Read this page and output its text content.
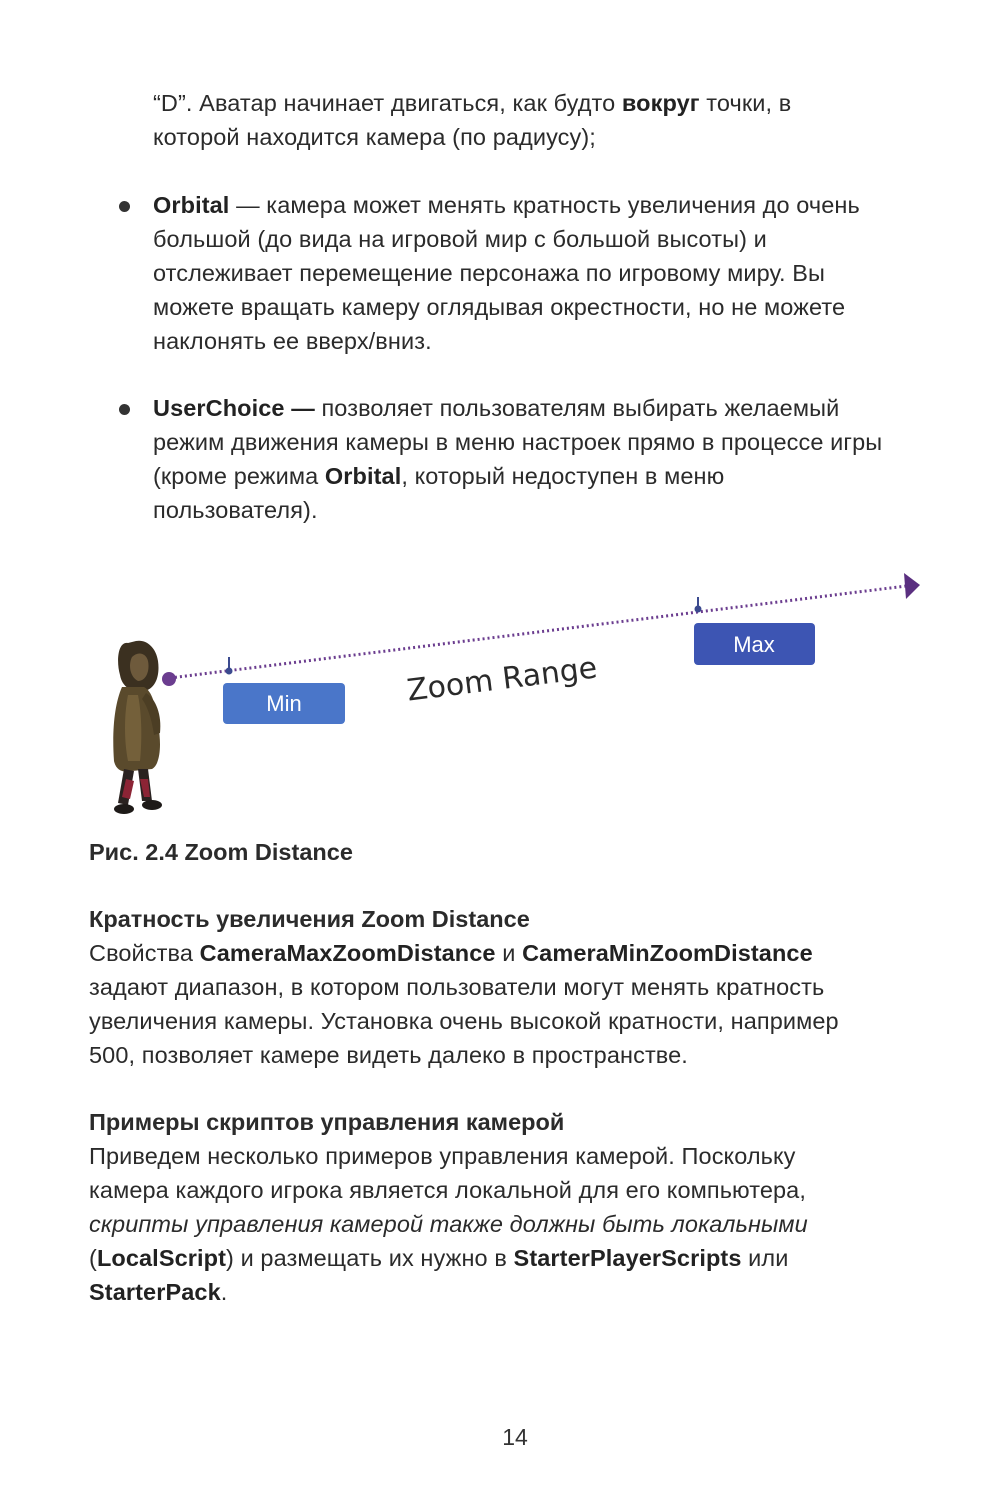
“D”. Аватар начинает двигаться, как будто вокруг точки, в
которой находится камера (по радиусу);
Orbital — камера может менять кратность увеличения до очень
большой (до вида на игровой мир с большой высоты) и
отслеживает перемещение персонажа по игровому миру. Вы
можете вращать камеру оглядывая окрестности, но не можете
наклонять ее вверх/вниз.
UserChoice — позволяет пользователям выбирать желаемый
режим движения камеры в меню настроек прямо в процессе игры
(кроме режима Orbital, который недоступен в меню
пользователя).
Min
Max
Zoom Range
Рис. 2.4 Zoom Distance
Кратность увеличения Zoom Distance
Свойства CameraMaxZoomDistance и CameraMinZoomDistance
задают диапазон, в котором пользователи могут менять кратность
увеличения камеры. Установка очень высокой кратности, например
500, позволяет камере видеть далеко в пространстве.
Примеры скриптов управления камерой
Приведем несколько примеров управления камерой. Поскольку
камера каждого игрока является локальной для его компьютера,
скрипты управления камерой также должны быть локальными
(LocalScript) и размещать их нужно в StarterPlayerScripts или
StarterPack.
14
